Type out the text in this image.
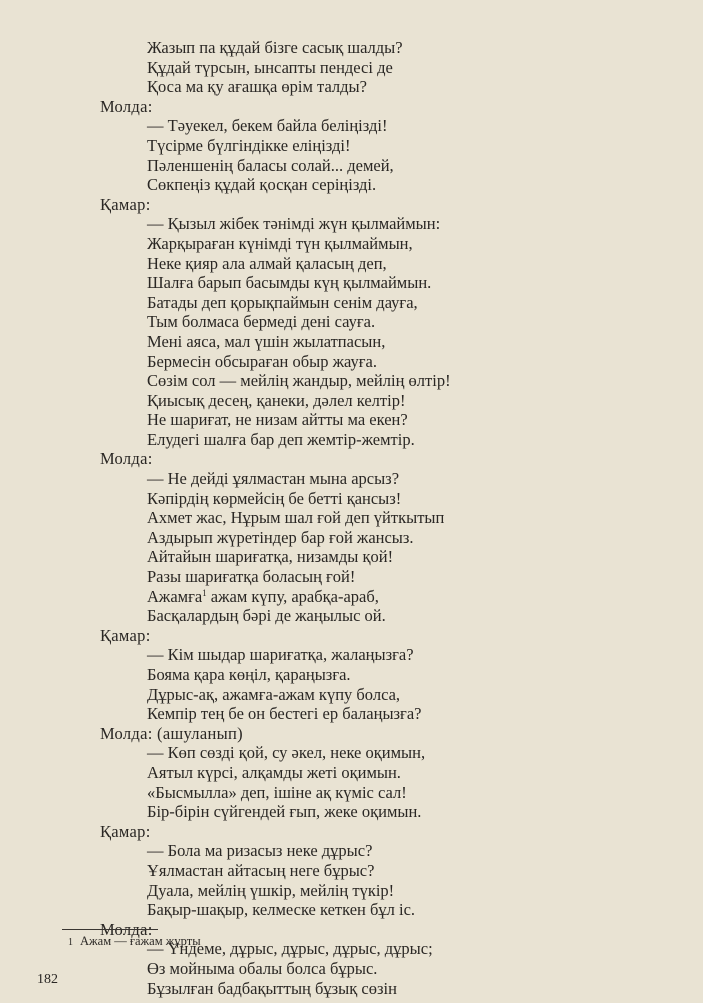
Жазып па құдай бізге сасық шалды?
Құдай түрсын, ынсапты пендесі де
Қоса ма қу ағашқа өрім талды?
Молда:
— Тәуекел, бекем байла беліңізді!
Түсірме бүлгіндікке еліңізді!
Пәленшенің баласы солай... демей,
Сөкпеңіз құдай қосқан серіңізді.
Қамар:
— Қызыл жібек тәнімді жүн қылмаймын:
Жарқыраған күнімді түн қылмаймын,
Неке қияр ала алмай қаласың деп,
Шалға барып басымды күң қылмаймын.
Батады деп қорықпаймын сенім дауға,
Тым болмаса бермеді дені сауға.
Мені аяса, мал үшін жылатпасын,
Бермесін обсыраған обыр жауға.
Сөзім сол — мейлің жандыр, мейлің өлтір!
Қиысық десең, қанеки, дәлел келтір!
Не шариғат, не низам айтты ма екен?
Елудегі шалға бар деп жемтір-жемтір.
Молда:
— Не дейді ұялмастан мына арсыз?
Кәпірдің көрмейсің бе бетті қансыз!
Ахмет жас, Нұрым шал ғой деп үйткытып
Аздырып жүретіндер бар ғой жансыз.
Айтайын шариғатқа, низамды қой!
Разы шариғатқа боласың ғой!
Ажамға$^1$ ажам күпу, арабқа-араб,
Басқалардың бәрі де жаңылыс ой.
Қамар:
— Кім шыдар шариғатқа, жалаңызға?
Бояма қара көңіл, қараңызға.
Дұрыс-ақ, ажамға-ажам күпу болса,
Кемпір тең бе он бестегі ер балаңызға?
Молда: (ашуланып)
— Көп сөзді қой, су әкел, неке оқимын,
Аятыл күрсі, алқамды жеті оқимын.
«Бысмылла» деп, ішіне ақ күміс сал!
Бір-бірін сүйгендей ғып, жеке оқимын.
Қамар:
— Бола ма ризасыз неке дұрыс?
Ұялмастан айтасың неге бұрыс?
Дуала, мейлің үшкір, мейлің түкір!
Бақыр-шақыр, келмеске кеткен бұл іс.
Молда:
— Үндеме, дұрыс, дұрыс, дұрыс, дұрыс;
Өз мойныма обалы болса бұрыс.
Бұзылған бадбақыттың бұзық сөзін
1 Ажам — ғажам жұрты
182
